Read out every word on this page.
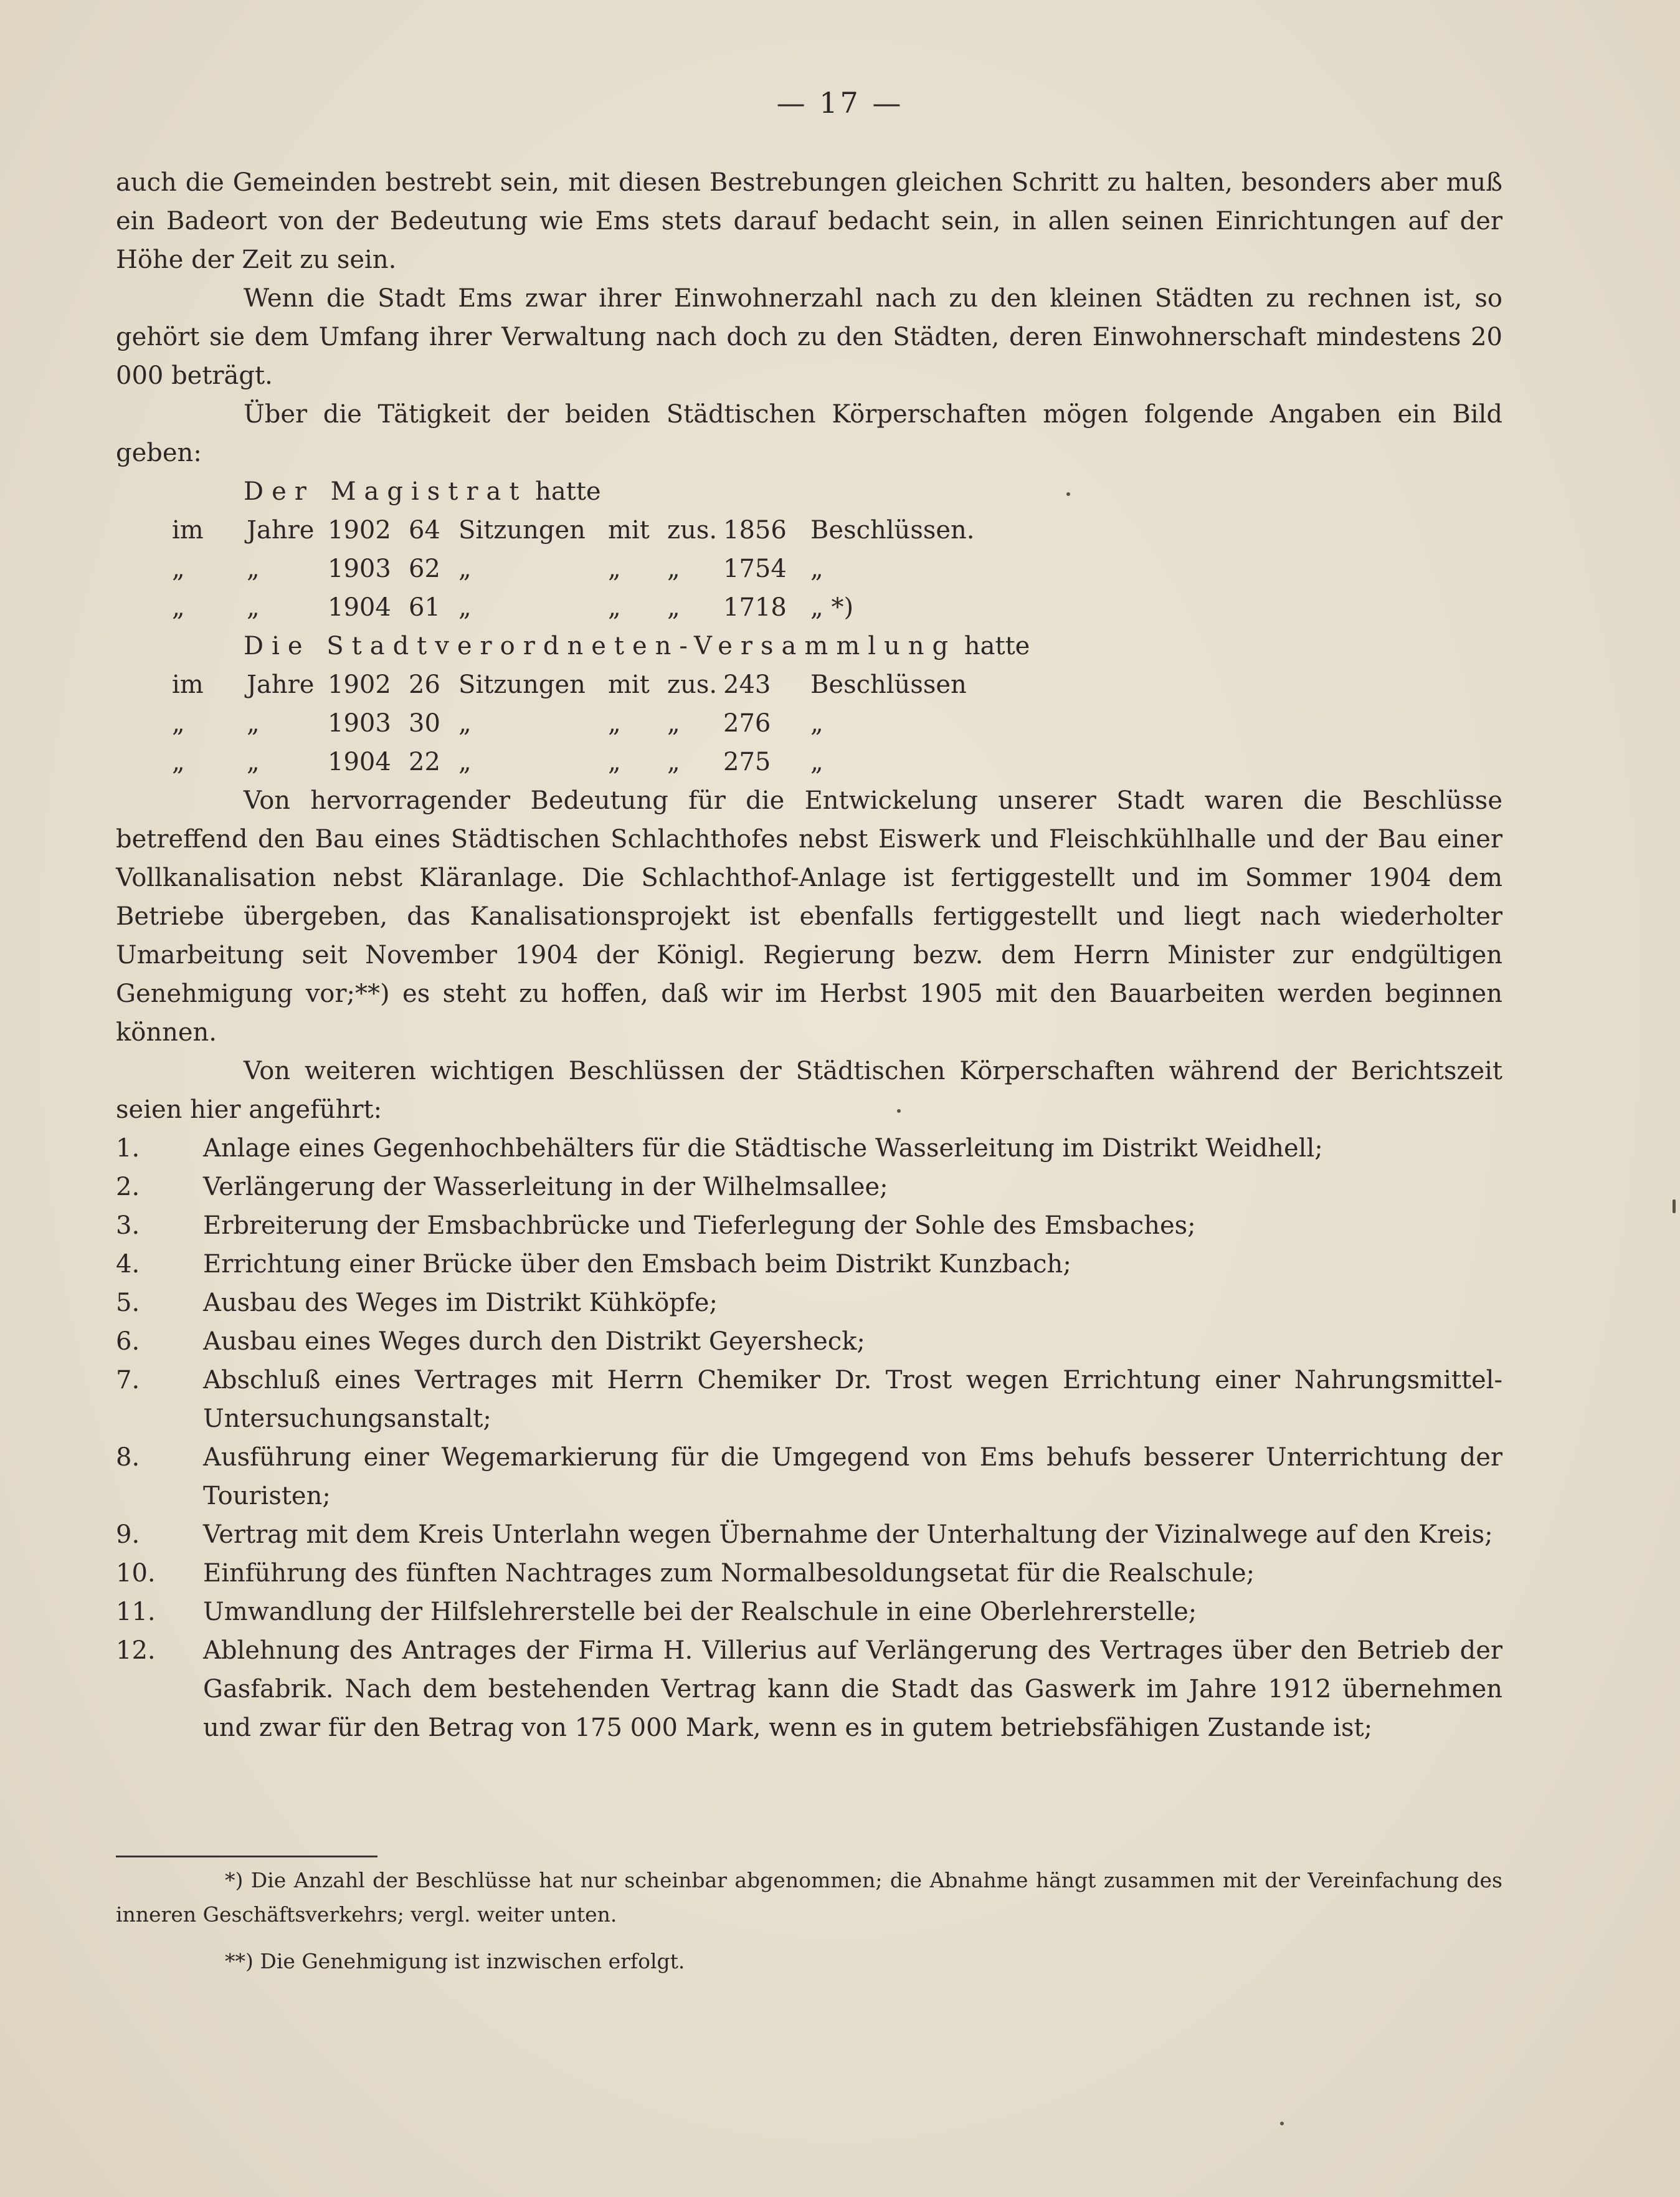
— 17 —

auch die Gemeinden bestrebt sein, mit diesen Bestrebungen gleichen Schritt zu halten, besonders aber muß ein Badeort von der Bedeutung wie Ems stets darauf bedacht sein, in allen seinen Einrichtungen auf der Höhe der Zeit zu sein.

Wenn die Stadt Ems zwar ihrer Einwohnerzahl nach zu den kleinen Städten zu rechnen ist, so gehört sie dem Umfang ihrer Verwaltung nach doch zu den Städten, deren Einwohnerschaft mindestens 20 000 beträgt.

Über die Tätigkeit der beiden Städtischen Körperschaften mögen folgende Angaben ein Bild geben:

Der Magistrat hatte

im	Jahre	1902	64	Sitzungen	mit	zus.	1856	Beschlüssen.
„	„	1903	62	„	„	„	1754	„
„	„	1904	61	„	„	„	1718	„ *)

Die Stadtverordneten-Versammlung hatte

im	Jahre	1902	26	Sitzungen	mit	zus.	243	Beschlüssen
„	„	1903	30	„	„	„	276	„
„	„	1904	22	„	„	„	275	„

Von hervorragender Bedeutung für die Entwickelung unserer Stadt waren die Beschlüsse betreffend den Bau eines Städtischen Schlachthofes nebst Eiswerk und Fleischkühlhalle und der Bau einer Vollkanalisation nebst Kläranlage. Die Schlachthof-Anlage ist fertiggestellt und im Sommer 1904 dem Betriebe übergeben, das Kanalisationsprojekt ist ebenfalls fertiggestellt und liegt nach wiederholter Umarbeitung seit November 1904 der Königl. Regierung bezw. dem Herrn Minister zur endgültigen Genehmigung vor;**) es steht zu hoffen, daß wir im Herbst 1905 mit den Bauarbeiten werden beginnen können.

Von weiteren wichtigen Beschlüssen der Städtischen Körperschaften während der Berichtszeit seien hier angeführt:

1.	Anlage eines Gegenhochbehälters für die Städtische Wasserleitung im Distrikt Weidhell;
2.	Verlängerung der Wasserleitung in der Wilhelmsallee;
3.	Erbreiterung der Emsbachbrücke und Tieferlegung der Sohle des Emsbaches;
4.	Errichtung einer Brücke über den Emsbach beim Distrikt Kunzbach;
5.	Ausbau des Weges im Distrikt Kühköpfe;
6.	Ausbau eines Weges durch den Distrikt Geyersheck;
7.	Abschluß eines Vertrages mit Herrn Chemiker Dr. Trost wegen Errichtung einer Nahrungsmittel-Untersuchungsanstalt;
8.	Ausführung einer Wegemarkierung für die Umgegend von Ems behufs besserer Unterrichtung der Touristen;
9.	Vertrag mit dem Kreis Unterlahn wegen Übernahme der Unterhaltung der Vizinalwege auf den Kreis;
10.	Einführung des fünften Nachtrages zum Normalbesoldungsetat für die Realschule;
11.	Umwandlung der Hilfslehrerstelle bei der Realschule in eine Oberlehrerstelle;
12.	Ablehnung des Antrages der Firma H. Villerius auf Verlängerung des Vertrages über den Betrieb der Gasfabrik. Nach dem bestehenden Vertrag kann die Stadt das Gaswerk im Jahre 1912 übernehmen und zwar für den Betrag von 175 000 Mark, wenn es in gutem betriebsfähigen Zustande ist;

*) Die Anzahl der Beschlüsse hat nur scheinbar abgenommen; die Abnahme hängt zusammen mit der Vereinfachung des inneren Geschäftsverkehrs; vergl. weiter unten.

**) Die Genehmigung ist inzwischen erfolgt.
